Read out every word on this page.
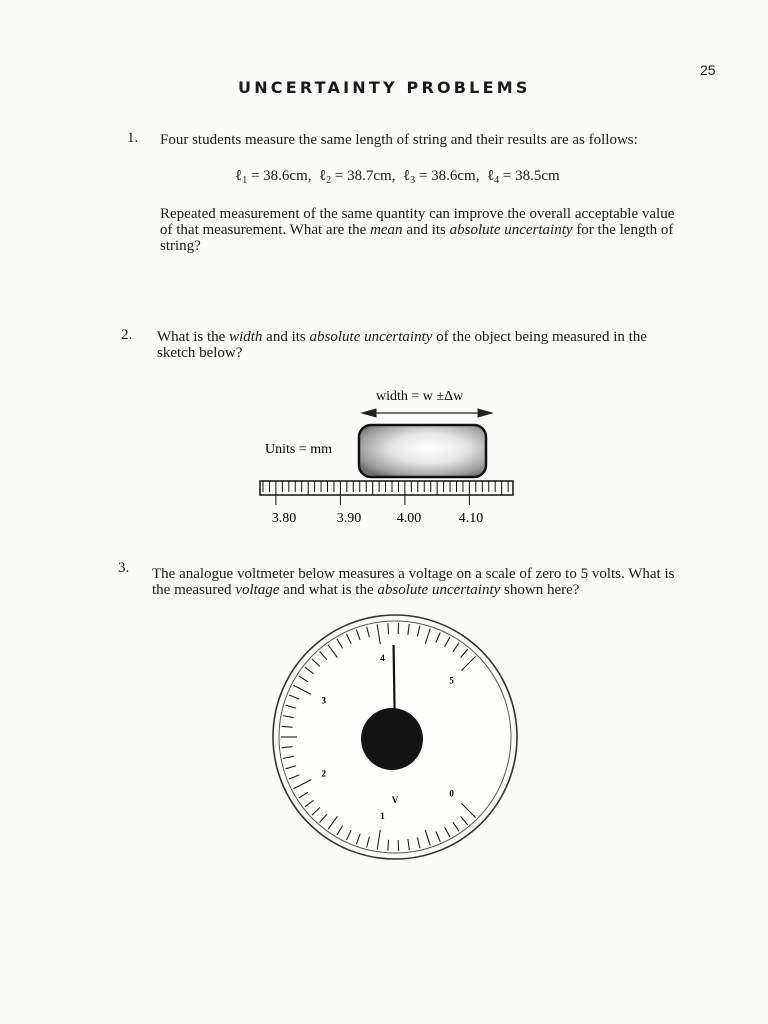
25
UNCERTAINTY PROBLEMS
1. Four students measure the same length of string and their results are as follows:
ℓ$_1$ = 38.6cm,  ℓ$_2$ = 38.7cm,  ℓ$_3$ = 38.6cm,  ℓ$_4$ = 38.5cm
Repeated measurement of the same quantity can improve the overall acceptable value of that measurement. What are the mean and its absolute uncertainty for the length of string?
2. What is the width and its absolute uncertainty of the object being measured in the sketch below?
width = w ±Δw
Units = mm
3.80	3.90	4.00	4.10
3. The analogue voltmeter below measures a voltage on a scale of zero to 5 volts. What is the measured voltage and what is the absolute uncertainty shown here?
0
1
2
3
4
5
V
